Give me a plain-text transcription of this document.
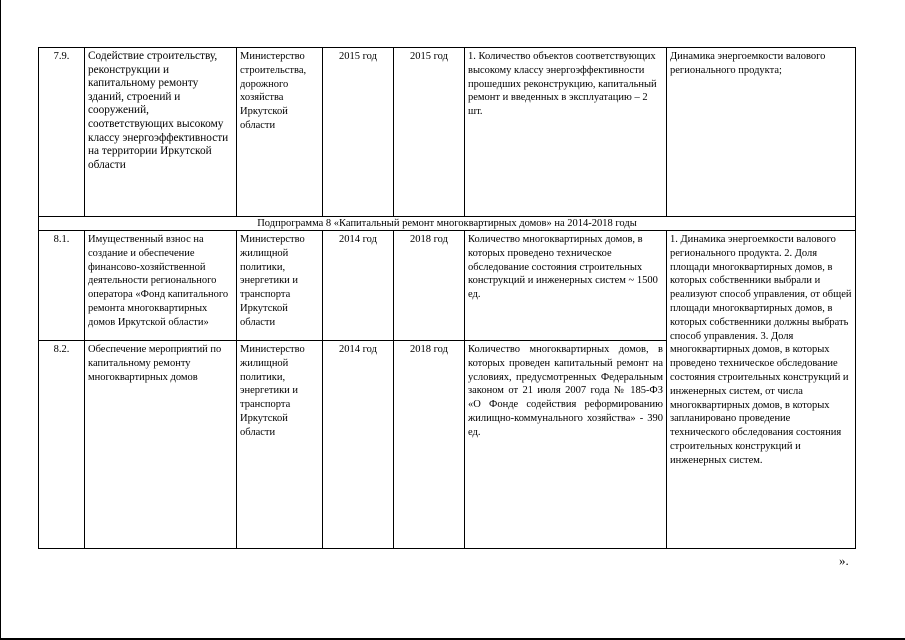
7.9.	Содействие строительству, реконструкции и капитальному ремонту зданий, строений и сооружений, соответствующих высокому классу энергоэффективности на территории Иркутской области	Министерство строительства, дорожного хозяйства Иркутской области	2015 год	2015 год	1. Количество объектов соответствующих высокому классу энергоэффективности прошедших реконструкцию, капитальный ремонт и введенных в эксплуатацию – 2 шт.	Динамика энергоемкости валового регионального продукта;
Подпрограмма 8 «Капитальный ремонт многоквартирных домов» на 2014-2018 годы						
8.1.	Имущественный взнос на создание и обеспечение финансово-хозяйственной деятельности регионального оператора «Фонд капитального ремонта многоквартирных домов Иркутской области»	Министерство жилищной политики, энергетики и транспорта Иркутской области	2014 год	2018 год	Количество многоквартирных домов, в которых проведено техническое обследование состояния строительных конструкций и инженерных систем ~ 1500 ед.	1. Динамика энергоемкости валового регионального продукта. 2. Доля площади многоквартирных домов, в которых собственники выбрали и реализуют способ управления, от общей площади многоквартирных домов, в которых собственники должны выбрать способ управления. 3. Доля многоквартирных домов, в которых проведено техническое обследование состояния строительных конструкций и инженерных систем, от числа многоквартирных домов, в которых запланировано проведение технического обследования состояния строительных конструкций и инженерных систем.
8.2.	Обеспечение мероприятий по капитальному ремонту многоквартирных домов	Министерство жилищной политики, энергетики и транспорта Иркутской области	2014 год	2018 год	Количество многоквартирных домов, в которых проведен капитальный ремонт на условиях, предусмотренных Федеральным законом от 21 июля 2007 года № 185-ФЗ «О Фонде содействия реформированию жилищно-коммунального хозяйства» - 390 ед.	
».
